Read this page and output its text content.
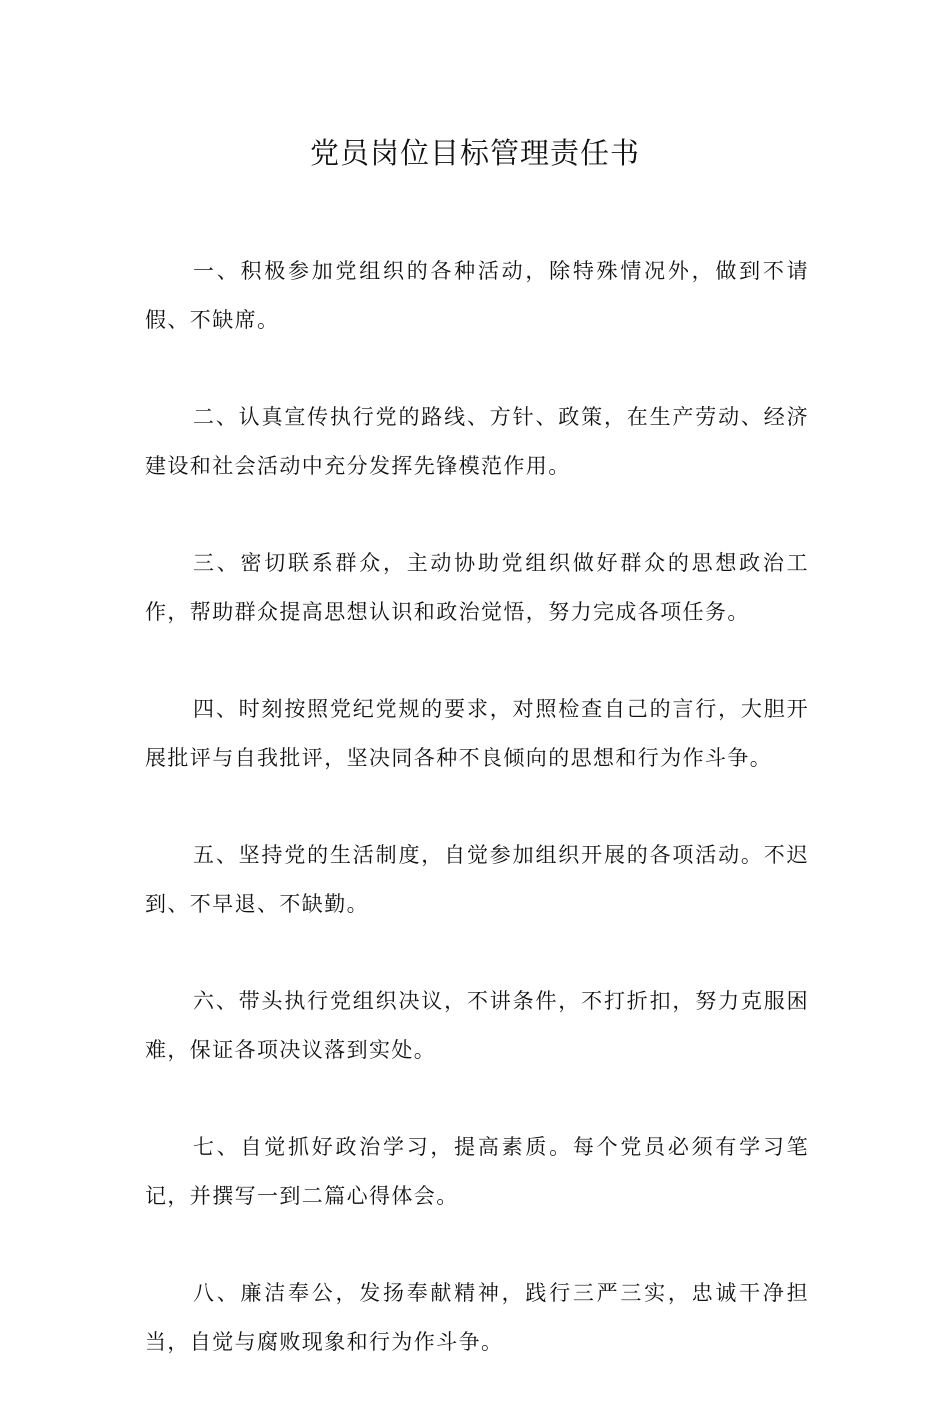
党员岗位目标管理责任书

一、积极参加党组织的各种活动，除特殊情况外，做到不请假、不缺席。

二、认真宣传执行党的路线、方针、政策，在生产劳动、经济建设和社会活动中充分发挥先锋模范作用。

三、密切联系群众，主动协助党组织做好群众的思想政治工作，帮助群众提高思想认识和政治觉悟，努力完成各项任务。

四、时刻按照党纪党规的要求，对照检查自己的言行，大胆开展批评与自我批评，坚决同各种不良倾向的思想和行为作斗争。

五、坚持党的生活制度，自觉参加组织开展的各项活动。不迟到、不早退、不缺勤。

六、带头执行党组织决议，不讲条件，不打折扣，努力克服困难，保证各项决议落到实处。

七、自觉抓好政治学习，提高素质。每个党员必须有学习笔记，并撰写一到二篇心得体会。

八、廉洁奉公，发扬奉献精神，践行三严三实，忠诚干净担当，自觉与腐败现象和行为作斗争。
